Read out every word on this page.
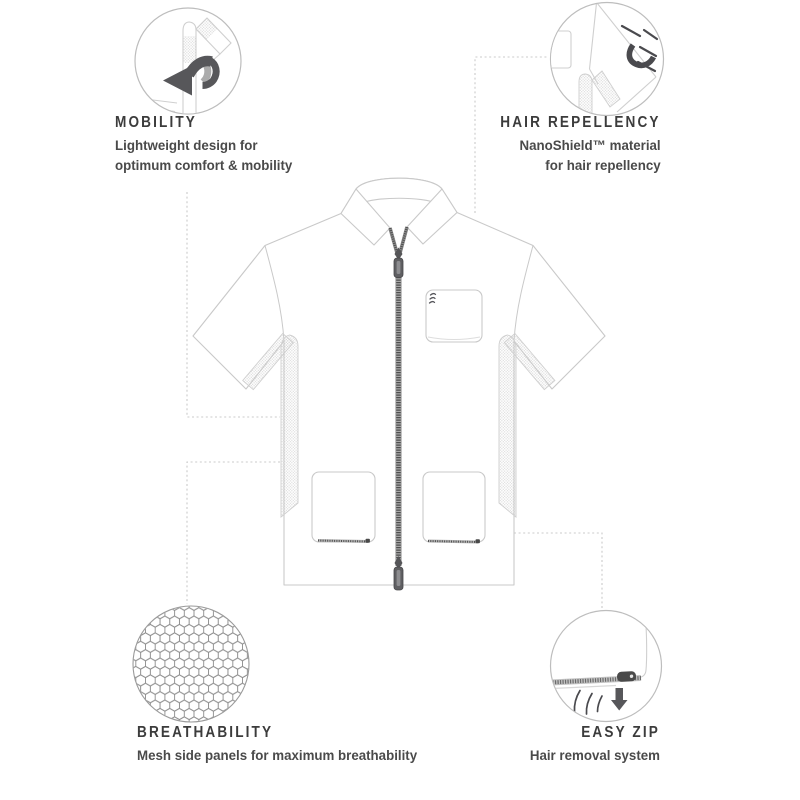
MOBILITY
Lightweight design for
optimum comfort & mobility
HAIR REPELLENCY
NanoShield™ material
for hair repellency
BREATHABILITY
Mesh side panels for maximum breathability
EASY ZIP
Hair removal system
